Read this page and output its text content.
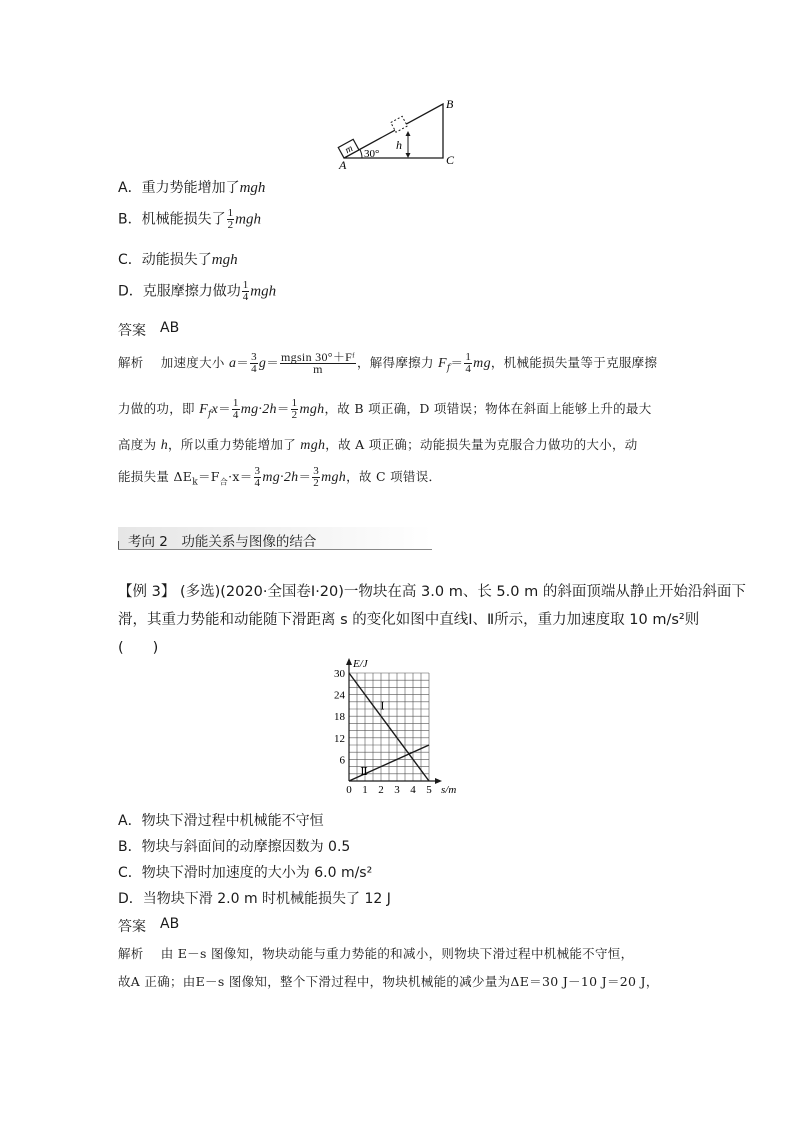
m	h
30°
A
B
C
A．重力势能增加了mgh
B．机械能损失了 $\frac{1}{2}$ mgh
C．动能损失了mgh
D．克服摩擦力做功 $\frac{1}{4}$ mgh
答案 AB
解析　 加速度大小 $a= \frac{3}{4} g= \frac{\text{mgsin 30°＋Fᶠ}}{m}$ ，解得摩擦力 $F_f= \frac{1}{4}$ mg，机械能损失量等于克服摩擦
力做的功，即 $F_fx= \frac{1}{4} mg\cdot 2h= \frac{1}{2}$ mgh，故 B 项正确，D 项错误；物体在斜面上能够上升的最大
高度为 h，所以重力势能增加了 mgh，故 A 项正确；动能损失量为克服合力做功的大小，动
能损失量 $\Delta E_k=F_合\cdot x= \frac{3}{4} mg\cdot 2h= \frac{3}{2}$ mgh，故 C 项错误．
考向 2　功能关系与图像的结合
【例 3】 (多选)(2020·全国卷Ⅰ·20)一物块在高 3.0 m、长 5.0 m 的斜面顶端从静止开始沿斜面下
滑，其重力势能和动能随下滑距离 s 的变化如图中直线Ⅰ、Ⅱ所示，重力加速度取 10 m/s²则
(　　)
Ⅰ
Ⅱ
0 1 2 3 4 5
6
12
18
24
30
s/m
E/J
A．物块下滑过程中机械能不守恒
B．物块与斜面间的动摩擦因数为 0.5
C．物块下滑时加速度的大小为 6.0 m/s²
D．当物块下滑 2.0 m 时机械能损失了 12 J
答案 AB
解析　 由 E－s 图像知，物块动能与重力势能的和减小，则物块下滑过程中机械能不守恒，
故A 正确；由E－s 图像知，整个下滑过程中，物块机械能的减少量为ΔE＝30 J－10 J＝20 J，
